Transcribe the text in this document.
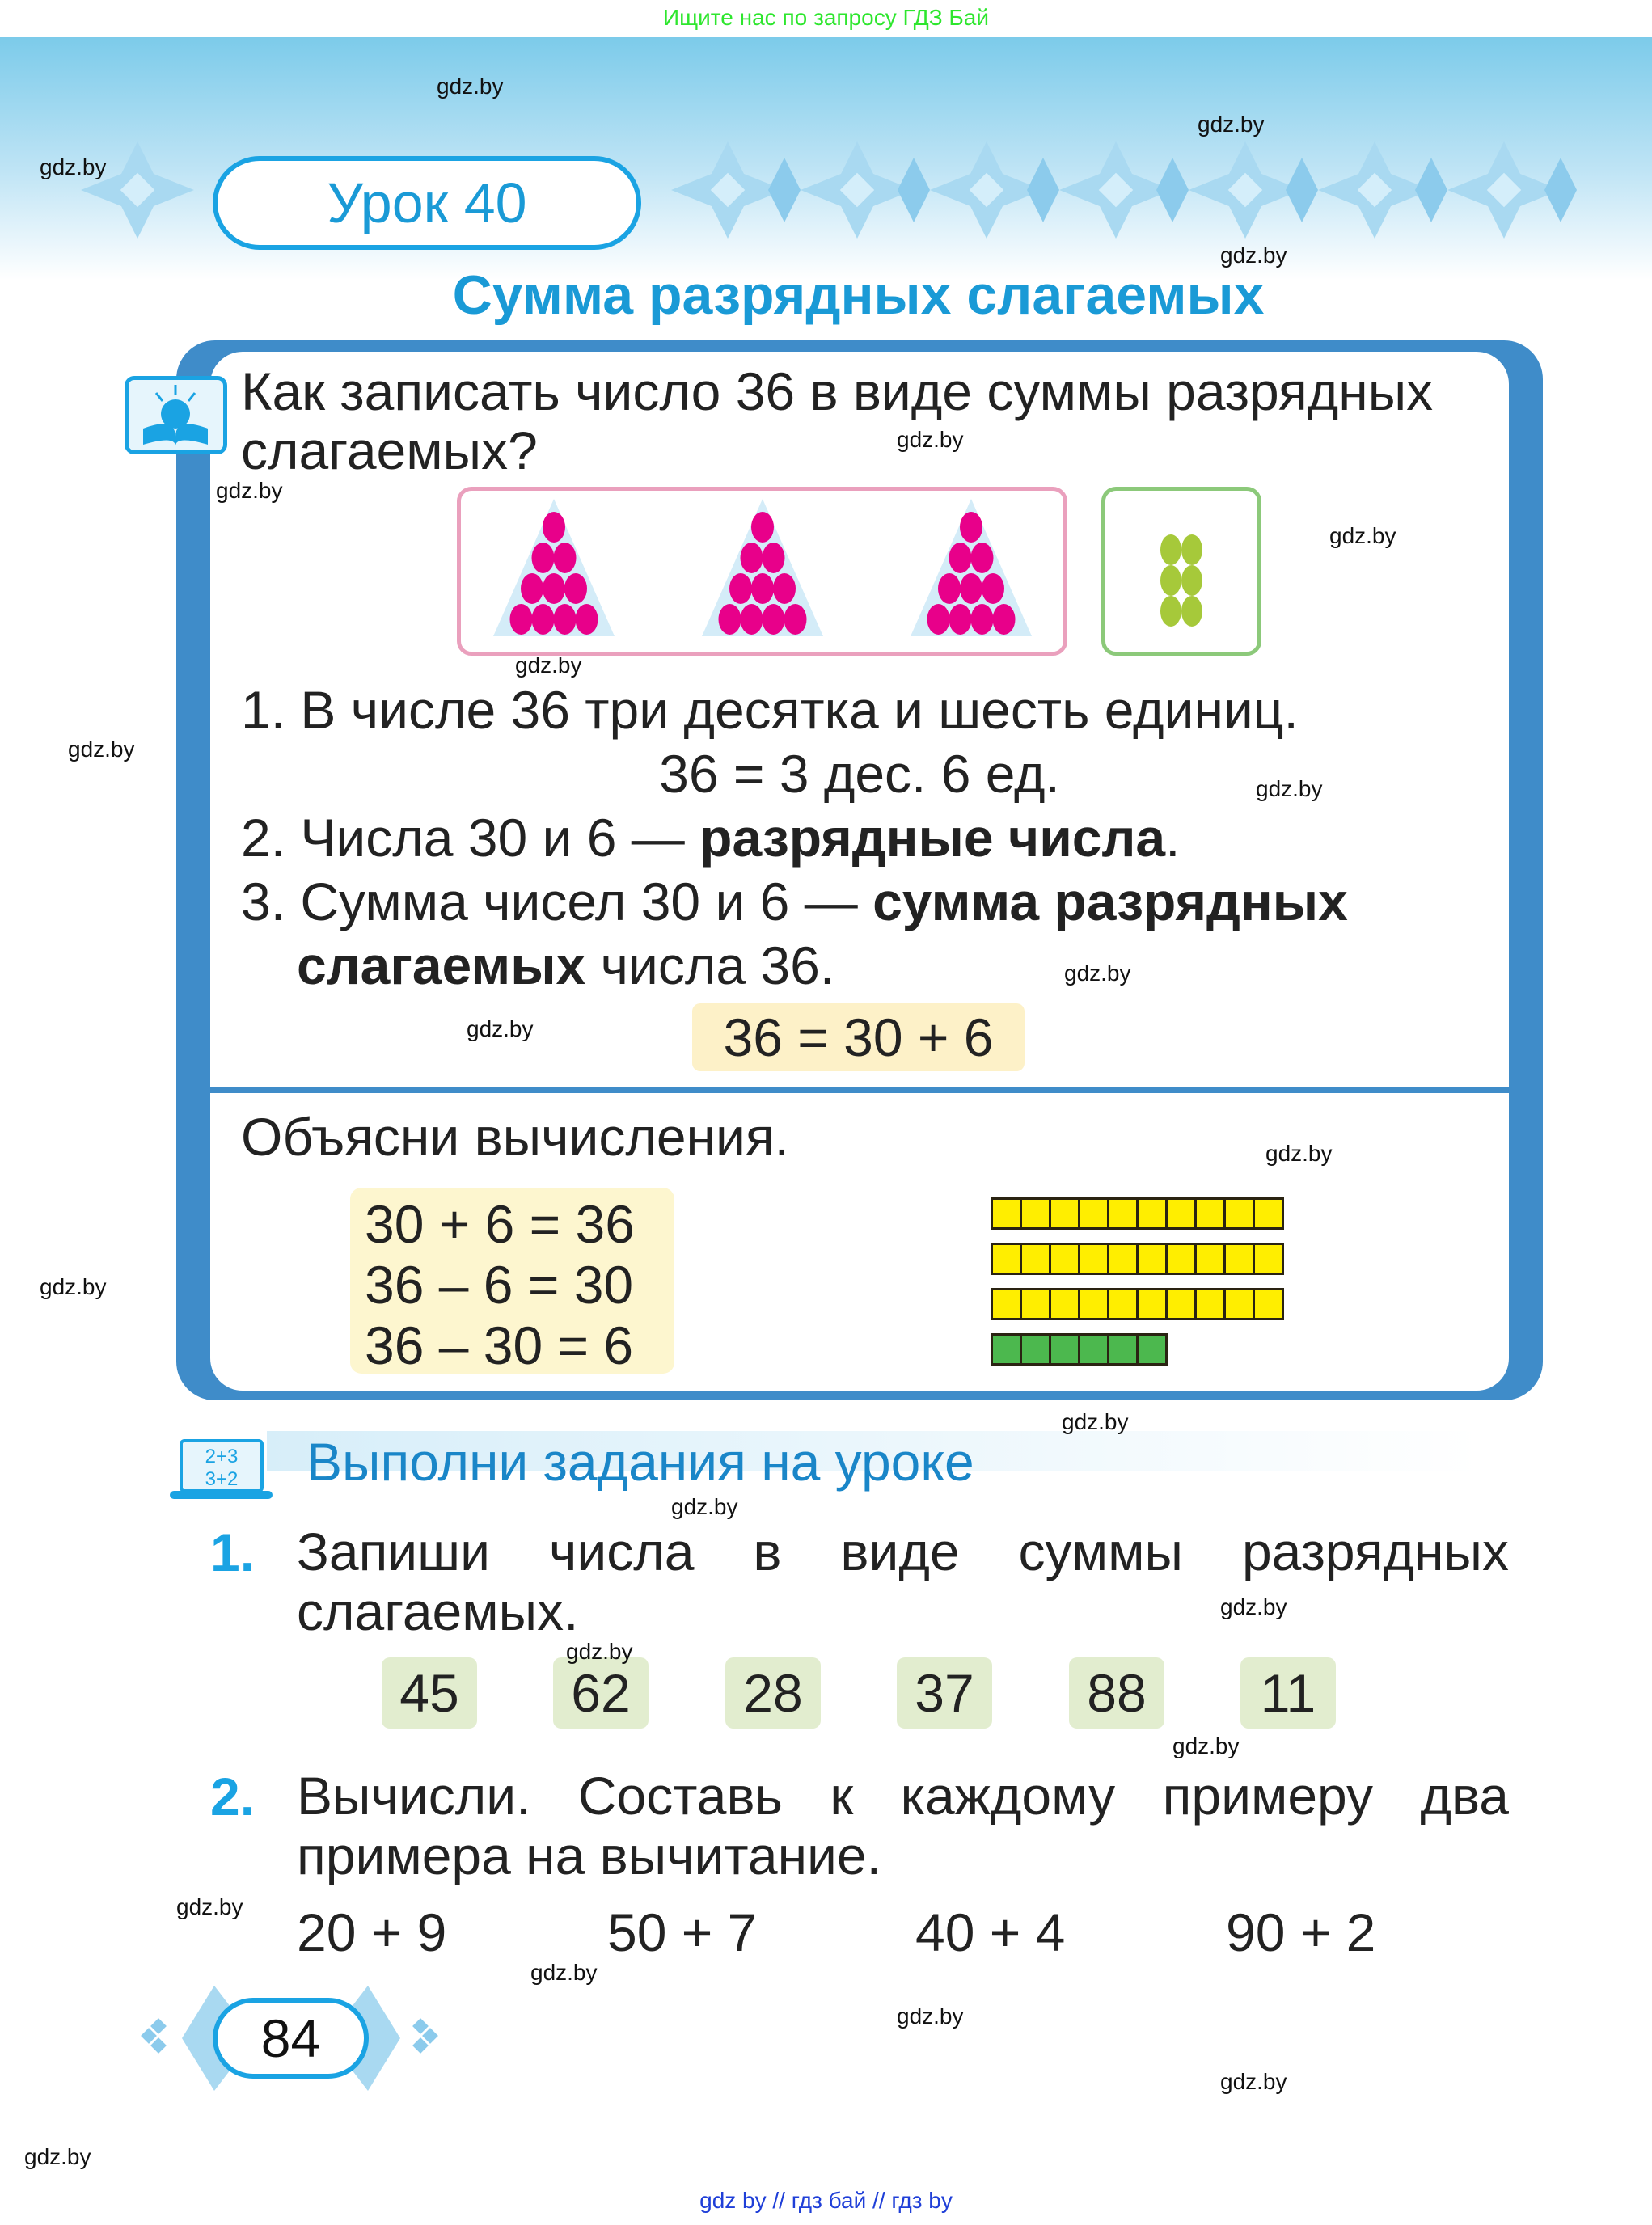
Ищите нас по запросу ГДЗ Бай
Урок 40
Сумма разрядных слагаемых
Как записать число 36 в виде суммы разрядных
слагаемых?
1. В числе 36 три десятка и шесть единиц.
36 = 3 дес. 6 ед.
2. Числа 30 и 6 — разрядные числа.
3. Сумма чисел 30 и 6 — сумма разрядных
слагаемых числа 36.
36 = 30 + 6
Объясни вычисления.
30 + 6 = 36
36 – 6 = 30
36 – 30 = 6
2+3
3+2	Выполни задания на уроке
1. Запиши числа в виде суммы разрядных
слагаемых.
45	62	28	37	88	11
2. Вычисли. Составь к каждому примеру два
примера на вычитание.
20 + 9	50 + 7	40 + 4	90 + 2
84
gdz.by
gdz.by
gdz.by
gdz.by
gdz.by
gdz.by
gdz.by
gdz.by
gdz.by
gdz.by
gdz.by
gdz.by
gdz.by
gdz.by
gdz.by
gdz.by
gdz.by
gdz.by
gdz.by
gdz.by
gdz.by
gdz.by
gdz.by
gdz.by
gdz by // гдз бай // гдз by
